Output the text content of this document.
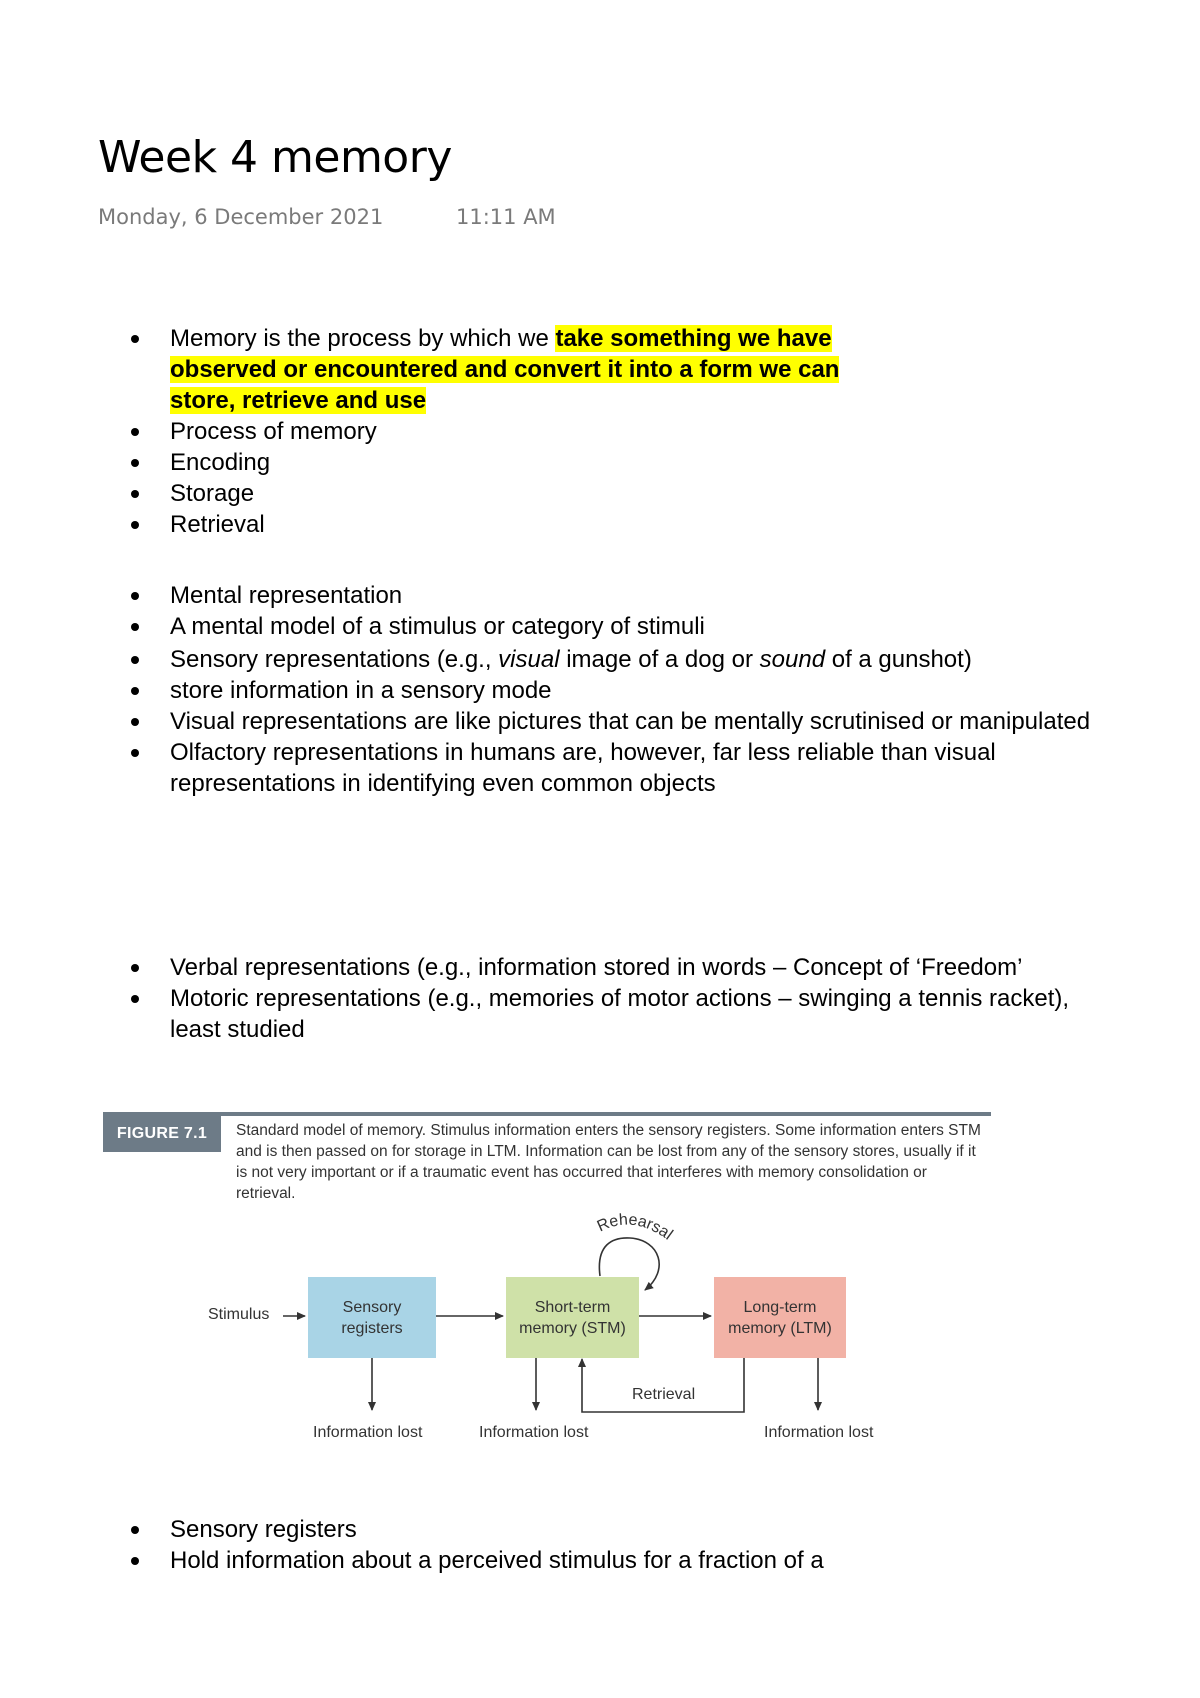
Week 4 memory
Monday, 6 December 2021	11:11 AM
Memory is the process by which we take something we have
observed or encountered and convert it into a form we can
store, retrieve and use
Process of memory
Encoding
Storage
Retrieval
Mental representation
A mental model of a stimulus or category of stimuli
Sensory representations (e.g., visual image of a dog or sound of a gunshot)
store information in a sensory mode
Visual representations are like pictures that can be mentally scrutinised or manipulated
Olfactory representations in humans are, however, far less reliable than visual
representations in identifying even common objects
Verbal representations (e.g., information stored in words – Concept of ‘Freedom’
Motoric representations (e.g., memories of motor actions – swinging a tennis racket), least studied
FIGURE 7.1	Standard model of memory. Stimulus information enters the sensory registers. Some information enters STM and is then passed on for storage in LTM. Information can be lost from any of the sensory stores, usually if it is not very important or if a traumatic event has occurred that interferes with memory consolidation or retrieval.
Rehearsal
Stimulus	Sensory
registers
Short-term
memory (STM)
Long-term
memory (LTM)
Retrieval
Information lost	Information lost	Information lost
Sensory registers
Hold information about a perceived stimulus for a fraction of a
